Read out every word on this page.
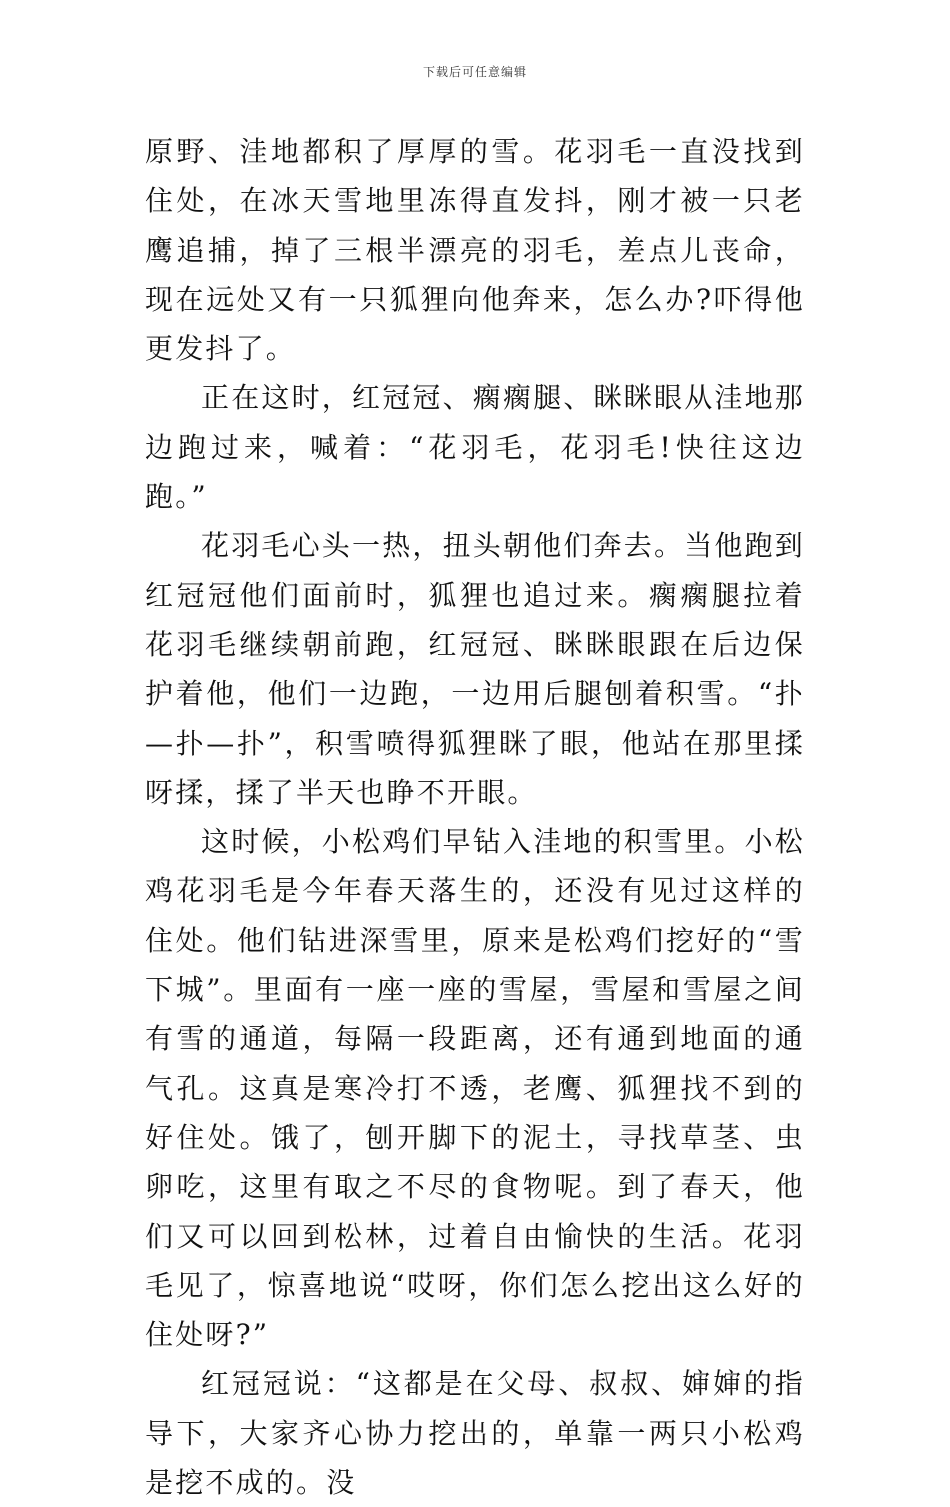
下载后可任意编辑

原野、洼地都积了厚厚的雪。花羽毛一直没找到住处，在冰天雪地里冻得直发抖，刚才被一只老鹰追捕，掉了三根半漂亮的羽毛，差点儿丧命，现在远处又有一只狐狸向他奔来，怎么办?吓得他更发抖了。

正在这时，红冠冠、瘸瘸腿、眯眯眼从洼地那边跑过来，喊着：“花羽毛，花羽毛!快往这边跑。”

花羽毛心头一热，扭头朝他们奔去。当他跑到红冠冠他们面前时，狐狸也追过来。瘸瘸腿拉着花羽毛继续朝前跑，红冠冠、眯眯眼跟在后边保护着他，他们一边跑，一边用后腿刨着积雪。“扑—扑—扑”，积雪喷得狐狸眯了眼，他站在那里揉呀揉，揉了半天也睁不开眼。

这时候，小松鸡们早钻入洼地的积雪里。小松鸡花羽毛是今年春天落生的，还没有见过这样的住处。他们钻进深雪里，原来是松鸡们挖好的“雪下城”。里面有一座一座的雪屋，雪屋和雪屋之间有雪的通道，每隔一段距离，还有通到地面的通气孔。这真是寒冷打不透，老鹰、狐狸找不到的好住处。饿了，刨开脚下的泥土，寻找草茎、虫卵吃，这里有取之不尽的食物呢。到了春天，他们又可以回到松林，过着自由愉快的生活。花羽毛见了，惊喜地说“哎呀，你们怎么挖出这么好的住处呀?”

红冠冠说：“这都是在父母、叔叔、婶婶的指导下，大家齐心协力挖出的，单靠一两只小松鸡是挖不成的。没
